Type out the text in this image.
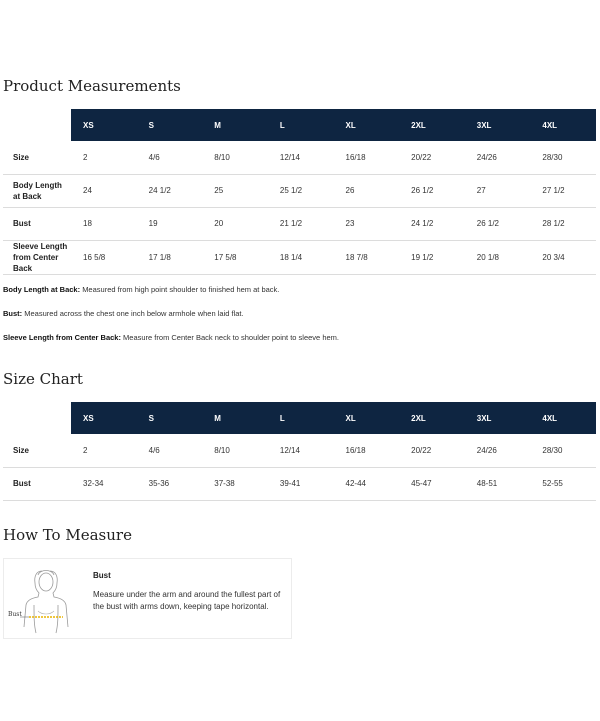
Product Measurements
	XS	S	M	L	XL	2XL	3XL	4XL
Size	2	4/6	8/10	12/14	16/18	20/22	24/26	28/30
Body Length at Back	24	24 1/2	25	25 1/2	26	26 1/2	27	27 1/2
Bust	18	19	20	21 1/2	23	24 1/2	26 1/2	28 1/2
Sleeve Length from Center Back	16 5/8	17 1/8	17 5/8	18 1/4	18 7/8	19 1/2	20 1/8	20 3/4

Body Length at Back: Measured from high point shoulder to finished hem at back.

Bust: Measured across the chest one inch below armhole when laid flat.

Sleeve Length from Center Back: Measure from Center Back neck to shoulder point to sleeve hem.

Size Chart
	XS	S	M	L	XL	2XL	3XL	4XL
Size	2	4/6	8/10	12/14	16/18	20/22	24/26	28/30
Bust	32-34	35-36	37-38	39-41	42-44	45-47	48-51	52-55
How To Measure
Bust
Bust
Measure under the arm and around the fullest part of the bust with arms down, keeping tape horizontal.
